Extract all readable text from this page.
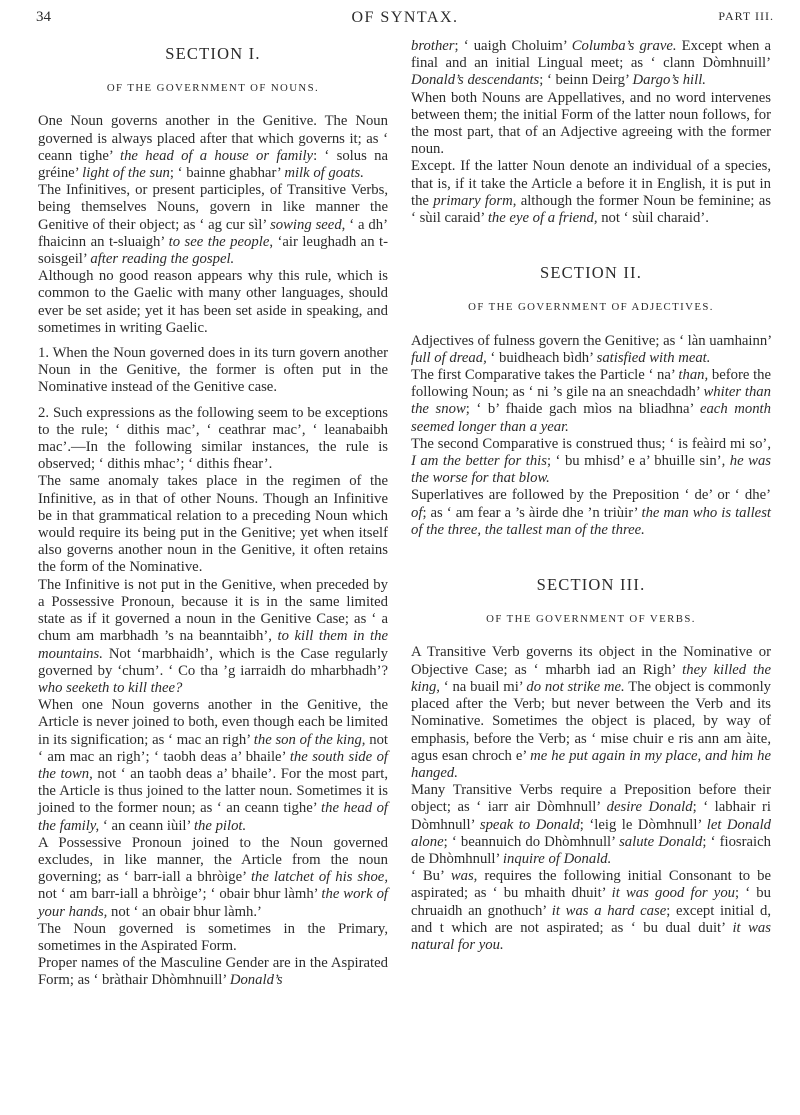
34	OF SYNTAX.	PART III.
SECTION I.
OF THE GOVERNMENT OF NOUNS.

One Noun governs another in the Genitive. The Noun governed is always placed after that which governs it; as ‘ ceann tighe’ the head of a house or family: ‘ solus na gréine’ light of the sun; ‘ bainne ghabhar’ milk of goats.

The Infinitives, or present participles, of Transitive Verbs, being themselves Nouns, govern in like manner the Genitive of their object; as ‘ ag cur sìl’ sowing seed, ‘ a dh’ fhaicinn an t-sluaigh’ to see the people, ‘air leughadh an t-soisgeil’ after reading the gospel.

Although no good reason appears why this rule, which is common to the Gaelic with many other languages, should ever be set aside; yet it has been set aside in speaking, and sometimes in writing Gaelic.

1. When the Noun governed does in its turn govern another Noun in the Genitive, the former is often put in the Nominative instead of the Genitive case.

2. Such expressions as the following seem to be exceptions to the rule; ‘ dithis mac’, ‘ ceathrar mac’, ‘ leanabaibh mac’.—In the following similar instances, the rule is observed; ‘ dithis mhac’; ‘ dithis fhear’.

The same anomaly takes place in the regimen of the Infinitive, as in that of other Nouns. Though an Infinitive be in that grammatical relation to a preceding Noun which would require its being put in the Genitive; yet when itself also governs another noun in the Genitive, it often retains the form of the Nominative.

The Infinitive is not put in the Genitive, when preceded by a Possessive Pronoun, because it is in the same limited state as if it governed a noun in the Genitive Case; as ‘ a chum am marbhadh ’s na beanntaibh’, to kill them in the mountains. Not ‘marbhaidh’, which is the Case regularly governed by ‘chum’. ‘ Co tha ’g iarraidh do mharbhadh’? who seeketh to kill thee?

When one Noun governs another in the Genitive, the Article is never joined to both, even though each be limited in its signification; as ‘ mac an righ’ the son of the king, not ‘ am mac an righ’; ‘ taobh deas a’ bhaile’ the south side of the town, not ‘ an taobh deas a’ bhaile’. For the most part, the Article is thus joined to the latter noun. Sometimes it is joined to the former noun; as ‘ an ceann tighe’ the head of the family, ‘ an ceann iùil’ the pilot.

A Possessive Pronoun joined to the Noun governed excludes, in like manner, the Article from the noun governing; as ‘ barr-iall a bhròige’ the latchet of his shoe, not ‘ am barr-iall a bhròige’; ‘ obair bhur làmh’ the work of your hands, not ‘ an obair bhur làmh.’

The Noun governed is sometimes in the Primary, sometimes in the Aspirated Form.

Proper names of the Masculine Gender are in the Aspirated Form; as ‘ bràthair Dhòmhnuill’ Donald’s

brother; ‘ uaigh Choluim’ Columba’s grave. Except when a final and an initial Lingual meet; as ‘ clann Dòmhnuill’ Donald’s descendants; ‘ beinn Deirg’ Dargo’s hill.

When both Nouns are Appellatives, and no word intervenes between them; the initial Form of the latter noun follows, for the most part, that of an Adjective agreeing with the former noun.

Except. If the latter Noun denote an individual of a species, that is, if it take the Article a before it in English, it is put in the primary form, although the former Noun be feminine; as ‘ sùil caraid’ the eye of a friend, not ‘ sùil charaid’.

SECTION II.
OF THE GOVERNMENT OF ADJECTIVES.

Adjectives of fulness govern the Genitive; as ‘ làn uamhainn’ full of dread, ‘ buidheach bìdh’ satisfied with meat.

The first Comparative takes the Particle ‘ na’ than, before the following Noun; as ‘ ni ’s gile na an sneachdadh’ whiter than the snow; ‘ b’ fhaide gach mìos na bliadhna’ each month seemed longer than a year.

The second Comparative is construed thus; ‘ is feàird mi so’, I am the better for this; ‘ bu mhisd’ e a’ bhuille sin’, he was the worse for that blow.

Superlatives are followed by the Preposition ‘ de’ or ‘ dhe’ of; as ‘ am fear a ’s àirde dhe ’n triùir’ the man who is tallest of the three, the tallest man of the three.

SECTION III.
OF THE GOVERNMENT OF VERBS.

A Transitive Verb governs its object in the Nominative or Objective Case; as ‘ mharbh iad an Righ’ they killed the king, ‘ na buail mi’ do not strike me. The object is commonly placed after the Verb; but never between the Verb and its Nominative. Sometimes the object is placed, by way of emphasis, before the Verb; as ‘ mise chuir e ris ann am àite, agus esan chroch e’ me he put again in my place, and him he hanged.

Many Transitive Verbs require a Preposition before their object; as ‘ iarr air Dòmhnull’ desire Donald; ‘ labhair ri Dòmhnull’ speak to Donald; ‘leig le Dòmhnull’ let Donald alone; ‘ beannuich do Dhòmhnull’ salute Donald; ‘ fiosraich de Dhòmhnull’ inquire of Donald.

‘ Bu’ was, requires the following initial Consonant to be aspirated; as ‘ bu mhaith dhuit’ it was good for you; ‘ bu chruaidh an gnothuch’ it was a hard case; except initial d, and t which are not aspirated; as ‘ bu dual duit’ it was natural for you.
